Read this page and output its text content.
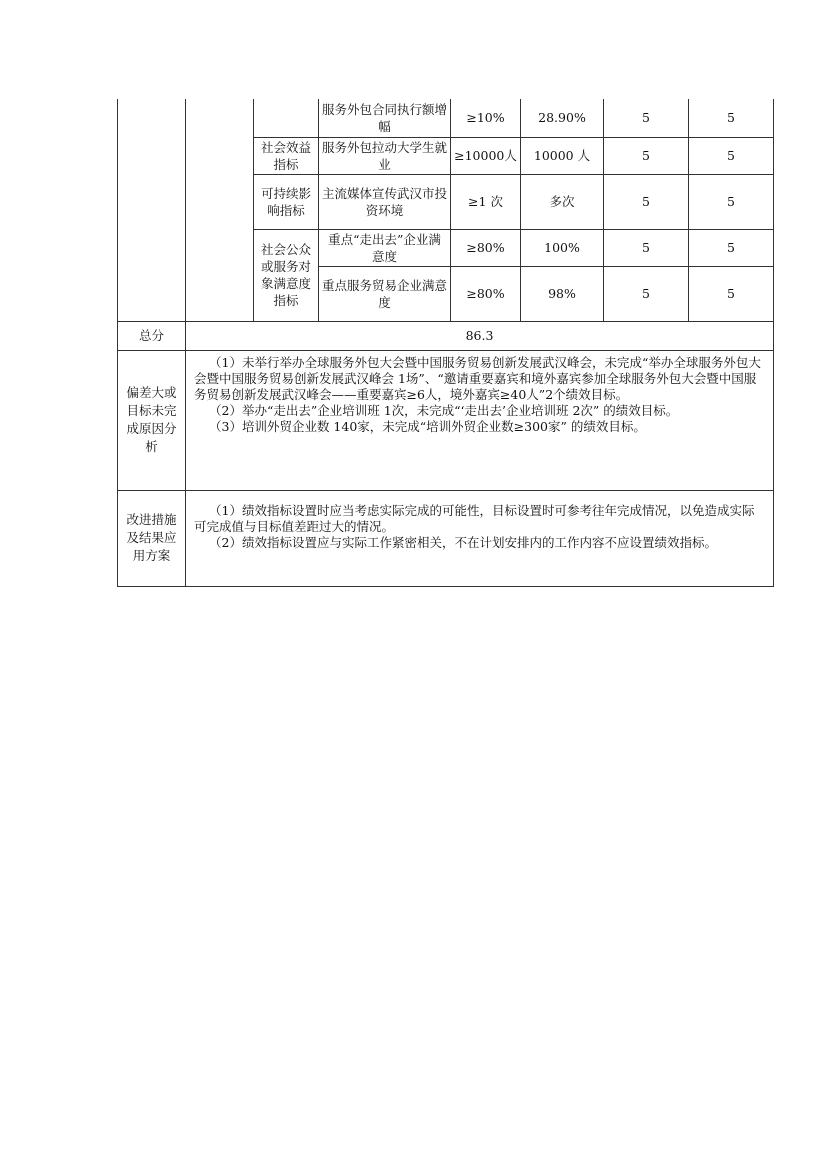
			服务外包合同执行额增幅	≥10%	28.90%	5	5
		社会效益指标	服务外包拉动大学生就业	≥10000人	10000 人	5	5
		可持续影响指标	主流媒体宣传武汉市投资环境	≥1 次	多次	5	5
		社会公众或服务对象满意度指标	重点“走出去”企业满意度	≥80%	100%	5	5
			重点服务贸易企业满意度	≥80%	98%	5	5

总分	86.3						
偏差大或目标未完成原因分析	（1）未举行举办全球服务外包大会暨中国服务贸易创新发展武汉峰会，未完成“举办全球服务外包大会暨中国服务贸易创新发展武汉峰会 1场”、“邀请重要嘉宾和境外嘉宾参加全球服务外包大会暨中国服务贸易创新发展武汉峰会——重要嘉宾≥6人，境外嘉宾≥40人”2个绩效目标。

（2）举办“走出去”企业培训班 1次，未完成“‘走出去’企业培训班 2次” 的绩效目标。

（3）培训外贸企业数 140家，未完成“培训外贸企业数≥300家” 的绩效目标。						

改进措施及结果应用方案	（1）绩效指标设置时应当考虑实际完成的可能性，目标设置时可参考往年完成情况，以免造成实际可完成值与目标值差距过大的情况。

（2）绩效指标设置应与实际工作紧密相关，不在计划安排内的工作内容不应设置绩效指标。						
